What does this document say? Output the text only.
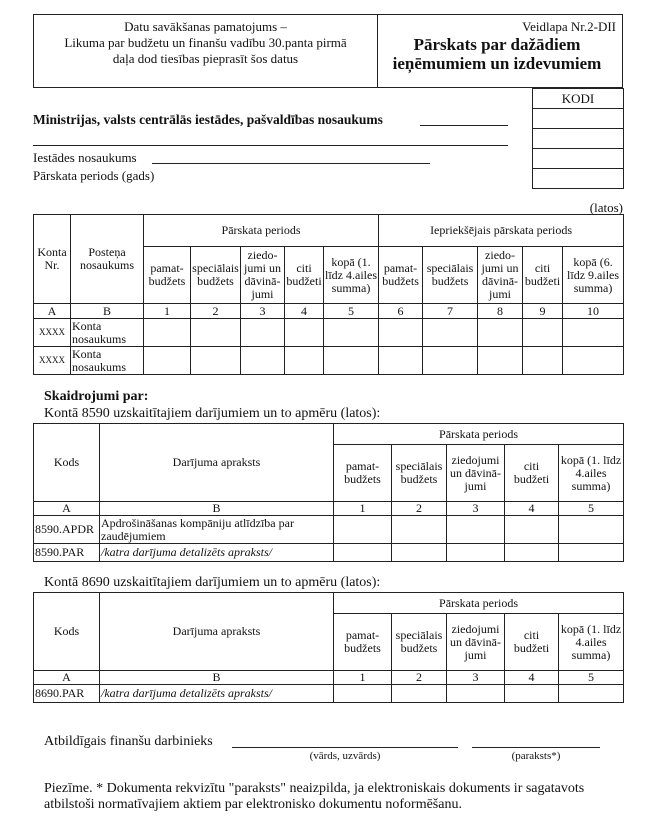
Datu savākšanas pamatojums –
Likuma par budžetu un finanšu vadību 30.panta pirmā
daļa dod tiesības pieprasīt šos datus
Veidlapa Nr.2-DII
Pārskats par dažādiem
ieņēmumiem un izdevumiem
KODI
Ministrijas, valsts centrālās iestādes, pašvaldības nosaukums
Iestādes nosaukums
Pārskata periods (gads)
(latos)
Konta Nr.	Posteņa nosaukums	Pārskata periods					Iepriekšējais pārskata periods				
		pamat-budžets	speciālais budžets	ziedo-jumi un dāvinā-jumi	citi budžeti	kopā (1. līdz 4.ailes summa)	pamat-budžets	speciālais budžets	ziedo-jumi un dāvinā-jumi	citi budžeti	kopā (6. līdz 9.ailes summa)
A	B	1	2	3	4	5	6	7	8	9	10
XXXX	Konta nosaukums										
XXXX	Konta nosaukums										
Skaidrojumi par:
Kontā 8590 uzskaitītajiem darījumiem un to apmēru (latos):
Kods	Darījuma apraksts	Pārskata periods				
		pamat-budžets	speciālais budžets	ziedojumi un dāvinā-jumi	citi budžeti	kopā (1. līdz 4.ailes summa)
A	B	1	2	3	4	5
8590.APDR	Apdrošināšanas kompāniju atlīdzība par zaudējumiem					
8590.PAR	/katra darījuma detalizēts apraksts/					
Kontā 8690 uzskaitītajiem darījumiem un to apmēru (latos):
Kods	Darījuma apraksts	Pārskata periods				
		pamat-budžets	speciālais budžets	ziedojumi un dāvinā-jumi	citi budžeti	kopā (1. līdz 4.ailes summa)
A	B	1	2	3	4	5
8690.PAR	/katra darījuma detalizēts apraksts/					
Atbildīgais finanšu darbinieks
(vārds, uzvārds)	(paraksts*)
Piezīme. * Dokumenta rekvizītu "paraksts" neaizpilda, ja elektroniskais dokuments ir sagatavots atbilstoši normatīvajiem aktiem par elektronisko dokumentu noformēšanu.
